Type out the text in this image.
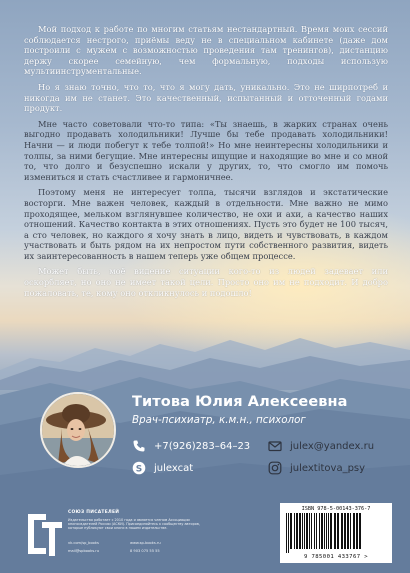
Мой подход к работе по многим статьям нестандартный. Время моих сессий соблюдается нестрого, приёмы веду не в специальном кабинете (даже дом построили с мужем с возможностью проведения там тренингов), дистанцию держу скорее семейную, чем формальную, подходы использую мультиинструментальные.

Но я знаю точно, что то, что я могу дать, уникально. Это не ширпотреб и никогда им не станет. Это качественный, испытанный и отточенный годами продукт.

Мне часто советовали что-то типа: «Ты знаешь, в жарких странах очень выгодно продавать холодильники! Лучше бы тебе продавать холодильники! Начни — и люди побегут к тебе толпой!» Но мне неинтересны холодильники и толпы, за ними бегущие. Мне интересны ищущие и находящие во мне и со мной то, что долго и безуспешно искали у других, то, что смогло им помочь измениться и стать счастливее и гармоничнее.

Поэтому меня не интересует толпа, тысячи взглядов и экстатические восторги. Мне важен человек, каждый в отдельности. Мне важно не мимо проходящее, мельком взглянувшее количество, не охи и ахи, а качество наших отношений. Качество контакта в этих отношениях. Пусть это будет не 100 тысяч, а сто человек, но каждого я хочу знать в лицо, видеть и чувствовать, в каждом участвовать и быть рядом на их непростом пути собственного развития, видеть их заинтересованность в нашем теперь уже общем процессе.

Может быть, моё видение ситуации кого-то из людей задевает или оскорбляет, но оно не имеет такой цели. Просто оно им не подходит. И добро пожаловать, те, кому оно откликнулось и подошло!

Титова Юлия Алексеевна
Врач-психиатр, к.м.н., психолог
+7(926)283–64–23	julex@yandex.ru
S julexcat	julextitova_psy
СОЮЗ ПИСАТЕЛЕЙ
Издательство работает с 2010 года и является членом Ассоциации книгоиздателей России (АСКИ). Присоединяйтесь к сообществу авторов, которые публикуют свои книги в нашем издательстве.
vk.com/sp_books	www.sp-books.ru
mail@spbooks.ru	8 903 075 55 55
ISBN 978-5-00143-376-7
9 785001 433767 >
